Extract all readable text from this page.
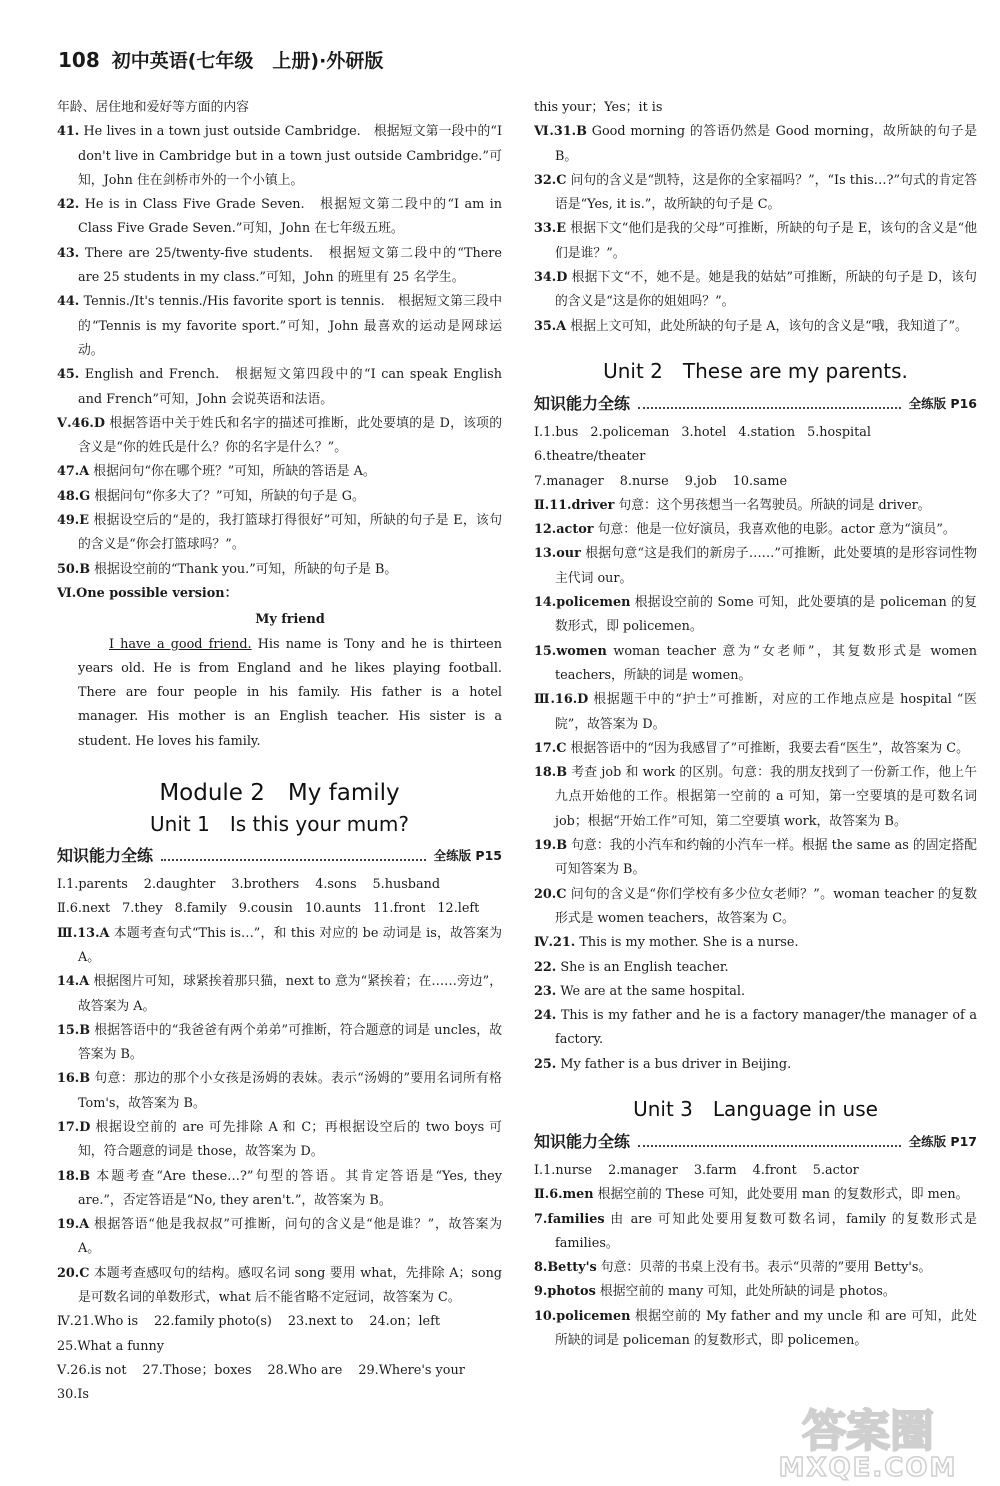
108 初中英语(七年级　上册)·外研版

年龄、居住地和爱好等方面的内容

41. He lives in a town just outside Cambridge.　根据短文第一段中的“I don't live in Cambridge but in a town just outside Cambridge.”可知，John 住在剑桥市外的一个小镇上。

42. He is in Class Five Grade Seven.　根据短文第二段中的“I am in Class Five Grade Seven.”可知，John 在七年级五班。

43. There are 25/twenty-five students.　根据短文第二段中的“There are 25 students in my class.”可知，John 的班里有 25 名学生。

44. Tennis./It's tennis./His favorite sport is tennis.　根据短文第三段中的“Tennis is my favorite sport.”可知，John 最喜欢的运动是网球运动。

45. English and French.　根据短文第四段中的“I can speak English and French”可知，John 会说英语和法语。

Ⅴ.46.D 根据答语中关于姓氏和名字的描述可推断，此处要填的是 D，该项的含义是“你的姓氏是什么？你的名字是什么？”。

47.A 根据问句“你在哪个班？”可知，所缺的答语是 A。

48.G 根据问句“你多大了？”可知，所缺的句子是 G。

49.E 根据设空后的“是的，我打篮球打得很好”可知，所缺的句子是 E，该句的含义是“你会打篮球吗？”。

50.B 根据设空前的“Thank you.”可知，所缺的句子是 B。

Ⅵ.One possible version：

My friend

I have a good friend. His name is Tony and he is thirteen years old. He is from England and he likes playing football. There are four people in his family. His father is a hotel manager. His mother is an English teacher. His sister is a student. He loves his family.

Module 2　My family
Unit 1　Is this your mum?
知识能力全练	全练版 P15
Ⅰ.1.parents 2.daughter 3.brothers 4.sons 5.husband
Ⅱ.6.next 7.they 8.family 9.cousin 10.aunts 11.front 12.left

Ⅲ.13.A 本题考查句式“This is…”，和 this 对应的 be 动词是 is，故答案为 A。

14.A 根据图片可知，球紧挨着那只猫，next to 意为“紧挨着；在……旁边”，故答案为 A。

15.B 根据答语中的“我爸爸有两个弟弟”可推断，符合题意的词是 uncles，故答案为 B。

16.B 句意：那边的那个小女孩是汤姆的表妹。表示“汤姆的”要用名词所有格 Tom's，故答案为 B。

17.D 根据设空前的 are 可先排除 A 和 C；再根据设空后的 two boys 可知，符合题意的词是 those，故答案为 D。

18.B 本题考查“Are these…?”句型的答语。其肯定答语是“Yes, they are.”，否定答语是“No, they aren't.”，故答案为 B。

19.A 根据答语“他是我叔叔”可推断，问句的含义是“他是谁？”，故答案为 A。

20.C 本题考查感叹句的结构。感叹名词 song 要用 what，先排除 A；song 是可数名词的单数形式，what 后不能省略不定冠词，故答案为 C。

Ⅳ.21.Who is 22.family photo(s) 23.next to 24.on；left
25.What a funny
Ⅴ.26.is not 27.Those；boxes 28.Who are 29.Where's your
30.Is

this your；Yes；it is

Ⅵ.31.B Good morning 的答语仍然是 Good morning，故所缺的句子是 B。

32.C 问句的含义是“凯特，这是你的全家福吗？”，“Is this…?”句式的肯定答语是“Yes, it is.”，故所缺的句子是 C。

33.E 根据下文“他们是我的父母”可推断，所缺的句子是 E，该句的含义是“他们是谁？”。

34.D 根据下文“不，她不是。她是我的姑姑”可推断，所缺的句子是 D，该句的含义是“这是你的姐姐吗？”。

35.A 根据上文可知，此处所缺的句子是 A，该句的含义是“哦，我知道了”。

Unit 2　These are my parents.
知识能力全练	全练版 P16
Ⅰ.1.bus 2.policeman 3.hotel 4.station 5.hospital
6.theatre/theater
7.manager 8.nurse 9.job 10.same

Ⅱ.11.driver 句意：这个男孩想当一名驾驶员。所缺的词是 driver。

12.actor 句意：他是一位好演员，我喜欢他的电影。actor 意为“演员”。

13.our 根据句意“这是我们的新房子……”可推断，此处要填的是形容词性物主代词 our。

14.policemen 根据设空前的 Some 可知，此处要填的是 policeman 的复数形式，即 policemen。

15.women woman teacher 意为“女老师”，其复数形式是 women teachers，所缺的词是 women。

Ⅲ.16.D 根据题干中的“护士”可推断，对应的工作地点应是 hospital “医院”，故答案为 D。

17.C 根据答语中的“因为我感冒了”可推断，我要去看“医生”，故答案为 C。

18.B 考查 job 和 work 的区别。句意：我的朋友找到了一份新工作，他上午九点开始他的工作。根据第一空前的 a 可知，第一空要填的是可数名词 job；根据“开始工作”可知，第二空要填 work，故答案为 B。

19.B 句意：我的小汽车和约翰的小汽车一样。根据 the same as 的固定搭配可知答案为 B。

20.C 问句的含义是“你们学校有多少位女老师？”。woman teacher 的复数形式是 women teachers，故答案为 C。

Ⅳ.21. This is my mother. She is a nurse.

22. She is an English teacher.

23. We are at the same hospital.

24. This is my father and he is a factory manager/the manager of a factory.

25. My father is a bus driver in Beijing.

Unit 3　Language in use
知识能力全练	全练版 P17
Ⅰ.1.nurse 2.manager 3.farm 4.front 5.actor

Ⅱ.6.men 根据空前的 These 可知，此处要用 man 的复数形式，即 men。

7.families 由 are 可知此处要用复数可数名词，family 的复数形式是 families。

8.Betty's 句意：贝蒂的书桌上没有书。表示“贝蒂的”要用 Betty's。

9.photos 根据空前的 many 可知，此处所缺的词是 photos。

10.policemen 根据空前的 My father and my uncle 和 are 可知，此处所缺的词是 policeman 的复数形式，即 policemen。

答案圈
MXQE.COM
